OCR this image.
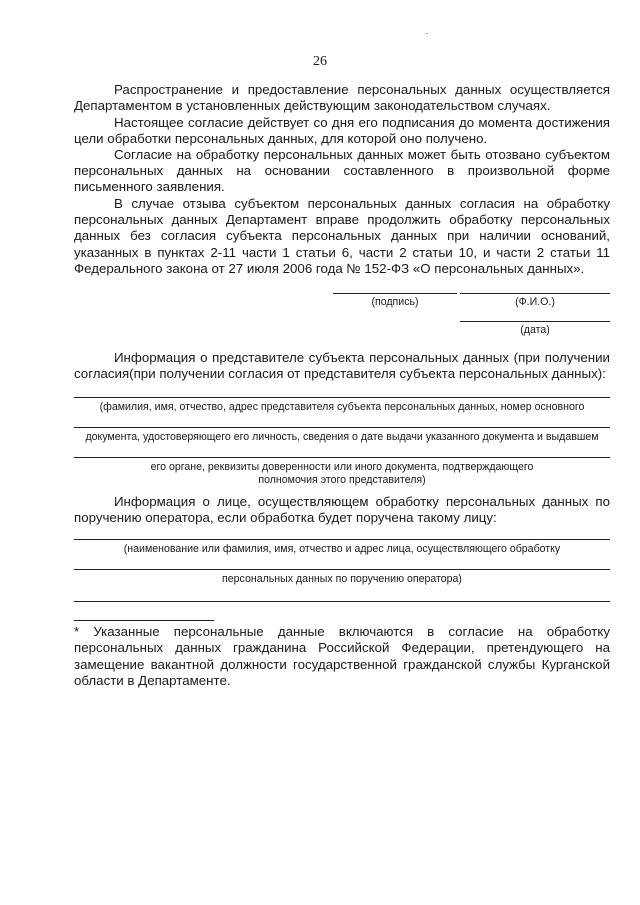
26

Распространение и предоставление персональных данных осуществляется Департаментом в установленных действующим законодательством случаях.

Настоящее согласие действует со дня его подписания до момента достижения цели обработки персональных данных, для которой оно получено.

Согласие на обработку персональных данных может быть отозвано субъектом персональных данных на основании составленного в произвольной форме письменного заявления.

В случае отзыва субъектом персональных данных согласия на обработку персональных данных Департамент вправе продолжить обработку персональных данных без согласия субъекта персональных данных при наличии оснований, указанных в пунктах 2-11 части 1 статьи 6, части 2 статьи 10, и части 2 статьи 11 Федерального закона от 27 июля 2006 года № 152-ФЗ «О персональных данных».

(подпись)	(Ф.И.О.)
(дата)

Информация о представителе субъекта персональных данных (при получении согласия(при получении согласия от представителя субъекта персональных данных):

(фамилия, имя, отчество, адрес представителя субъекта персональных данных, номер основного
документа, удостоверяющего его личность, сведения о дате выдачи указанного документа и выдавшем
его органе, реквизиты доверенности или иного документа, подтверждающего полномочия этого представителя)

Информация о лице, осуществляющем обработку персональных данных по поручению оператора, если обработка будет поручена такому лицу:

(наименование или фамилия, имя, отчество и адрес лица, осуществляющего обработку
персональных данных по поручению оператора)

* Указанные персональные данные включаются в согласие на обработку персональных данных гражданина Российской Федерации, претендующего на замещение вакантной должности государственной гражданской службы Курганской области в Департаменте.
